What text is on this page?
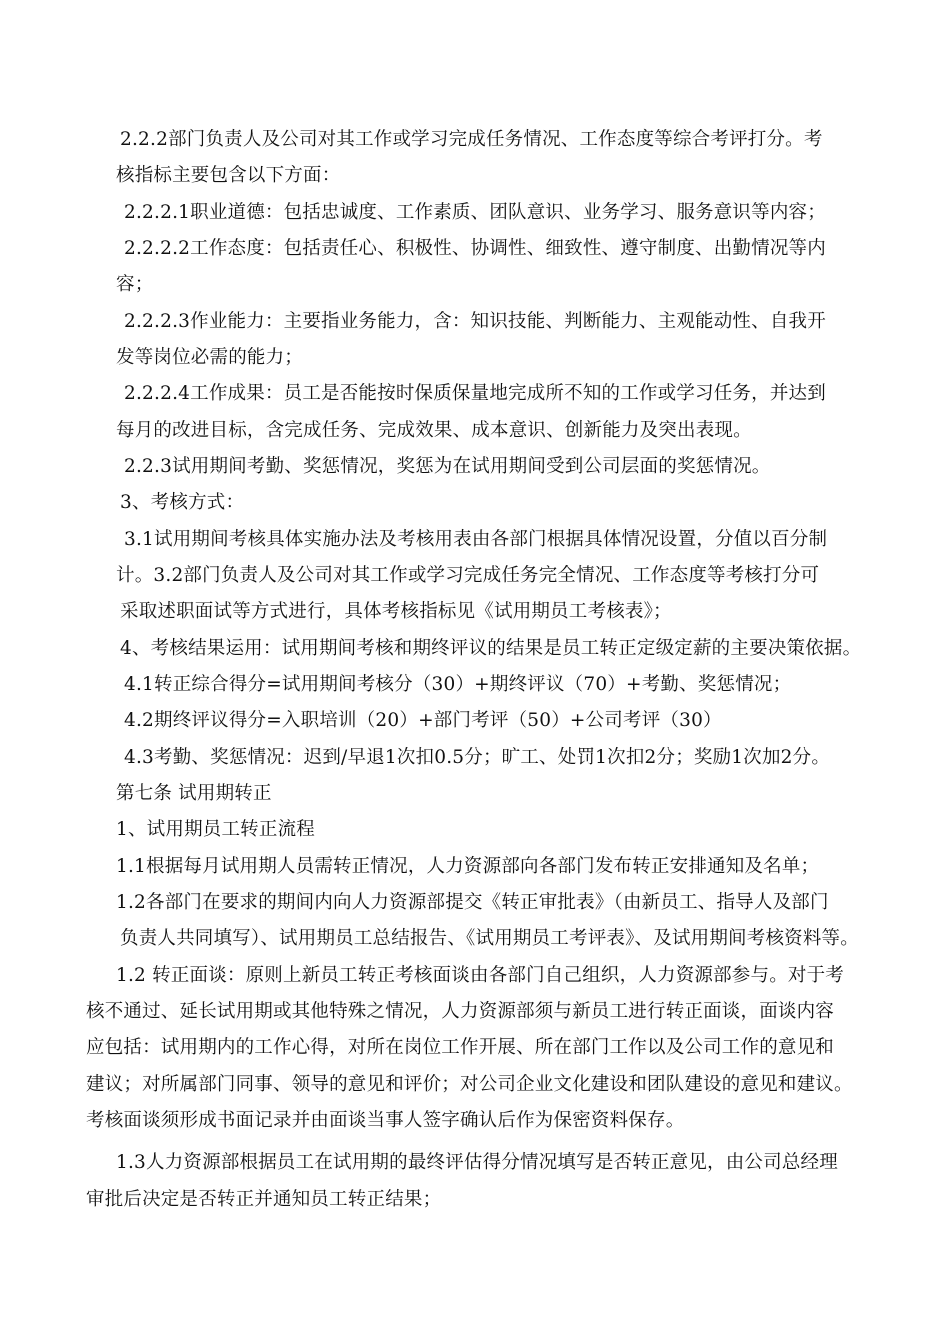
2.2.2部门负责人及公司对其工作或学习完成任务情况、工作态度等综合考评打分。考
核指标主要包含以下方面：
2.2.2.1职业道德：包括忠诚度、工作素质、团队意识、业务学习、服务意识等内容；
2.2.2.2工作态度：包括责任心、积极性、协调性、细致性、遵守制度、出勤情况等内
容；
2.2.2.3作业能力：主要指业务能力，含：知识技能、判断能力、主观能动性、自我开
发等岗位必需的能力；
2.2.2.4工作成果：员工是否能按时保质保量地完成所不知的工作或学习任务，并达到
每月的改进目标，含完成任务、完成效果、成本意识、创新能力及突出表现。
2.2.3试用期间考勤、奖惩情况，奖惩为在试用期间受到公司层面的奖惩情况。
3、考核方式：
3.1试用期间考核具体实施办法及考核用表由各部门根据具体情况设置，分值以百分制
计。3.2部门负责人及公司对其工作或学习完成任务完全情况、工作态度等考核打分可
采取述职面试等方式进行，具体考核指标见《试用期员工考核表》；
4、考核结果运用：试用期间考核和期终评议的结果是员工转正定级定薪的主要决策依据。
4.1转正综合得分=试用期间考核分（30）+期终评议（70）+考勤、奖惩情况；
4.2期终评议得分=入职培训（20）+部门考评（50）+公司考评（30）
4.3考勤、奖惩情况：迟到/早退1次扣0.5分；旷工、处罚1次扣2分；奖励1次加2分。
第七条 试用期转正
1、试用期员工转正流程
1.1根据每月试用期人员需转正情况，人力资源部向各部门发布转正安排通知及名单；
1.2各部门在要求的期间内向人力资源部提交《转正审批表》（由新员工、指导人及部门
负责人共同填写）、试用期员工总结报告、《试用期员工考评表》、及试用期间考核资料等。
1.2 转正面谈：原则上新员工转正考核面谈由各部门自己组织，人力资源部参与。对于考
核不通过、延长试用期或其他特殊之情况，人力资源部须与新员工进行转正面谈，面谈内容
应包括：试用期内的工作心得，对所在岗位工作开展、所在部门工作以及公司工作的意见和
建议；对所属部门同事、领导的意见和评价；对公司企业文化建设和团队建设的意见和建议。
考核面谈须形成书面记录并由面谈当事人签字确认后作为保密资料保存。
1.3人力资源部根据员工在试用期的最终评估得分情况填写是否转正意见，由公司总经理
审批后决定是否转正并通知员工转正结果；
